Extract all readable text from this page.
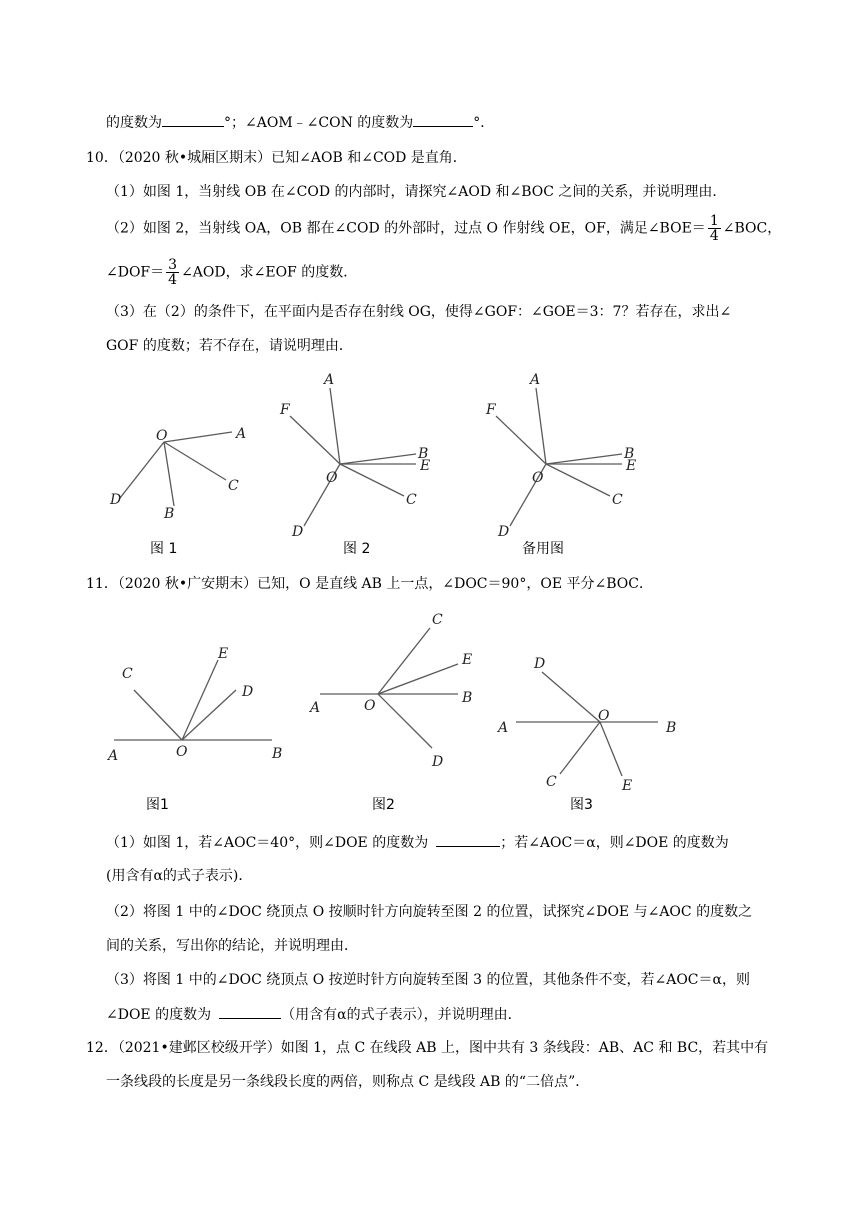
的度数为	°；∠AOM﹣∠CON 的度数为	°．
10．（2020 秋•城厢区期末）已知∠AOB 和∠COD 是直角．
（1）如图 1，当射线 OB 在∠COD 的内部时，请探究∠AOD 和∠BOC 之间的关系，并说明理由．
（2）如图 2，当射线 OA，OB 都在∠COD 的外部时，过点 O 作射线 OE，OF，满足∠BOE＝ $\frac{1}{4}$ ∠BOC，
∠DOF＝ $\frac{3}{4}$ ∠AOD，求∠EOF 的度数．
（3）在（2）的条件下，在平面内是否存在射线 OG，使得∠GOF：∠GOE＝3：7？若存在，求出∠
GOF 的度数；若不存在，请说明理由．
O	A
C
B
D
图 1
A
F
O
B
E
C
D
图 2
A
F
O
B
E
C
D
备用图
11．（2020 秋•广安期末）已知，O 是直线 AB 上一点，∠DOC＝90°，OE 平分∠BOC．
C
E
D
A	O	B
图1
C
E
A	O	B
D
图2
D
O
A	B
C	E
图3
（1）如图 1，若∠AOC＝40°，则∠DOE 的度数为	；若∠AOC＝α，则∠DOE 的度数为
(用含有α的式子表示)．
（2）将图 1 中的∠DOC 绕顶点 O 按顺时针方向旋转至图 2 的位置，试探究∠DOE 与∠AOC 的度数之
间的关系，写出你的结论，并说明理由．
（3）将图 1 中的∠DOC 绕顶点 O 按逆时针方向旋转至图 3 的位置，其他条件不变，若∠AOC＝α，则
∠DOE 的度数为	（用含有α的式子表示），并说明理由．
12．（2021•建邺区校级开学）如图 1，点 C 在线段 AB 上，图中共有 3 条线段：AB、AC 和 BC，若其中有
一条线段的长度是另一条线段长度的两倍，则称点 C 是线段 AB 的“二倍点”．
